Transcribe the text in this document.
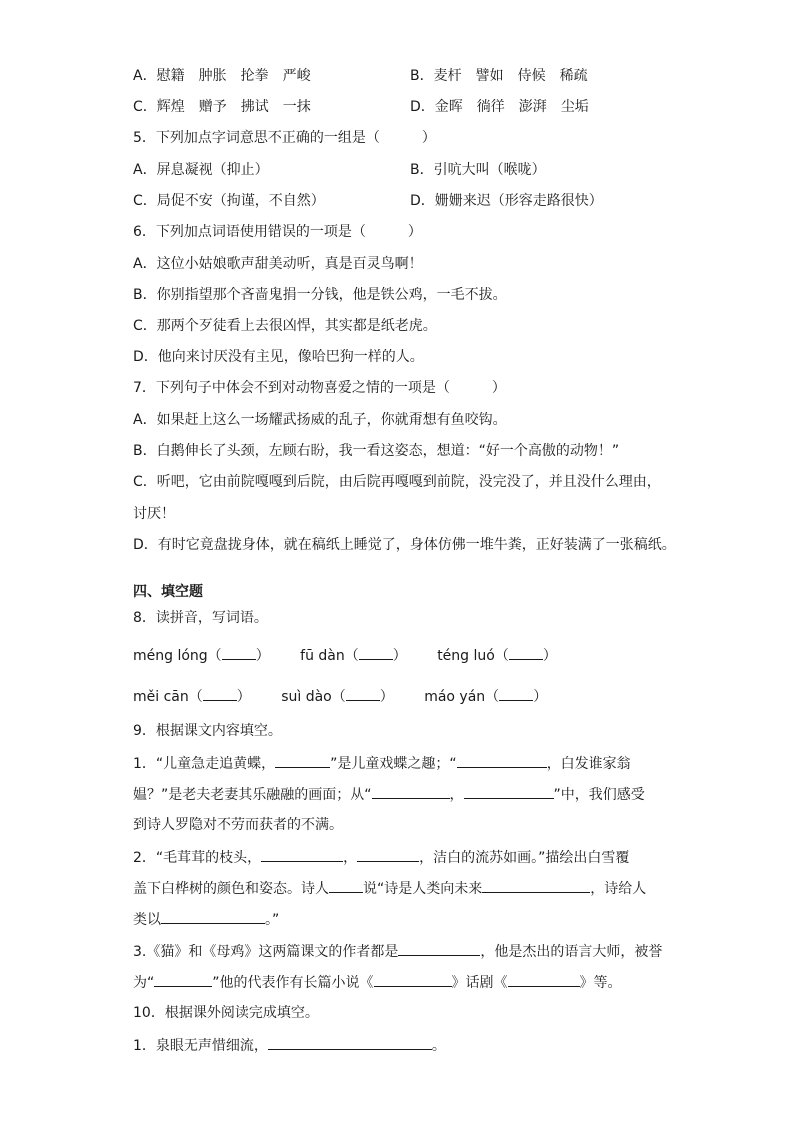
A．慰籍　肿胀　抡拳　严峻	B．麦杆　譬如　侍候　稀疏
C．辉煌　赠予　拂试　一抹	D．金晖　徜徉　澎湃　尘垢
5．下列加点字词意思不正确的一组是（　　　）
A．屏息凝视（抑止）	B．引吭大叫（喉咙）
C．局促不安（拘谨，不自然）	D．姗姗来迟（形容走路很快）
6．下列加点词语使用错误的一项是（　　　）
A．这位小姑娘歌声甜美动听，真是百灵鸟啊！
B．你别指望那个吝啬鬼捐一分钱，他是铁公鸡，一毛不拔。
C．那两个歹徒看上去很凶悍，其实都是纸老虎。
D．他向来讨厌没有主见，像哈巴狗一样的人。
7．下列句子中体会不到对动物喜爱之情的一项是（　　　）
A．如果赶上这么一场耀武扬威的乱子，你就甭想有鱼咬钩。
B．白鹅伸长了头颈，左顾右盼，我一看这姿态，想道：“好一个高傲的动物！”
C．听吧，它由前院嘎嘎到后院，由后院再嘎嘎到前院，没完没了，并且没什么理由，
讨厌！
D．有时它竟盘拢身体，就在稿纸上睡觉了，身体仿佛一堆牛粪，正好装满了一张稿纸。
四、填空题
8．读拼音，写词语。
méng lóng（ ） fū dàn（ ） téng luó（ ）
měi cān（ ） suì dào（ ） máo yán（ ）
9．根据课文内容填空。
1．“儿童急走追黄蝶，	”是儿童戏蝶之趣；“	，白发谁家翁
媪？”是老夫老妻其乐融融的画面；从“	，	”中，我们感受
到诗人罗隐对不劳而获者的不满。
2．“毛茸茸的枝头，	，	，洁白的流苏如画。”描绘出白雪覆
盖下白桦树的颜色和姿态。诗人 说“诗是人类向未来	，诗给人
类以	。”
3.《猫》和《母鸡》这两篇课文的作者都是	，他是杰出的语言大师，被誉
为“	”他的代表作有长篇小说《	》话剧《	》等。
10．根据课外阅读完成填空。
1．泉眼无声惜细流，	。
